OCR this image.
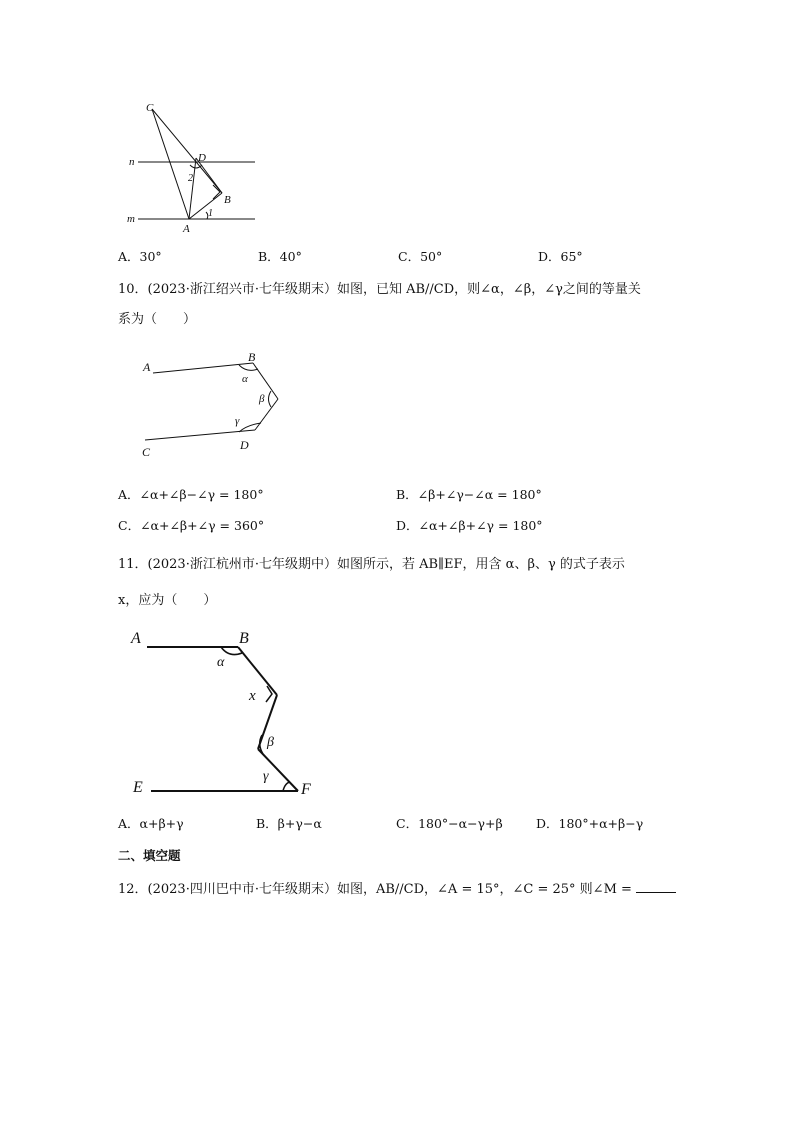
C
D
n
2
B
m
A
1
A．30°	B．40°	C．50°	D．65°
10．(2023·浙江绍兴市·七年级期末）如图，已知 AB//CD，则∠α，∠β，∠γ之间的等量关
系为（　　）
A
B
α
β
γ
D
C
A．∠α+∠β−∠γ = 180°	B．∠β+∠γ−∠α = 180°
C．∠α+∠β+∠γ = 360°	D．∠α+∠β+∠γ = 180°
11．(2023·浙江杭州市·七年级期中）如图所示，若 AB∥EF，用含 α、β、γ 的式子表示
x，应为（　　）
A	B
α
x
β
γ
E	F
A．α+β+γ	B．β+γ−α	C．180°−α−γ+β	D．180°+α+β−γ
二、填空题
12．(2023·四川巴中市·七年级期末）如图，AB//CD，∠A = 15°，∠C = 25° 则∠M =
